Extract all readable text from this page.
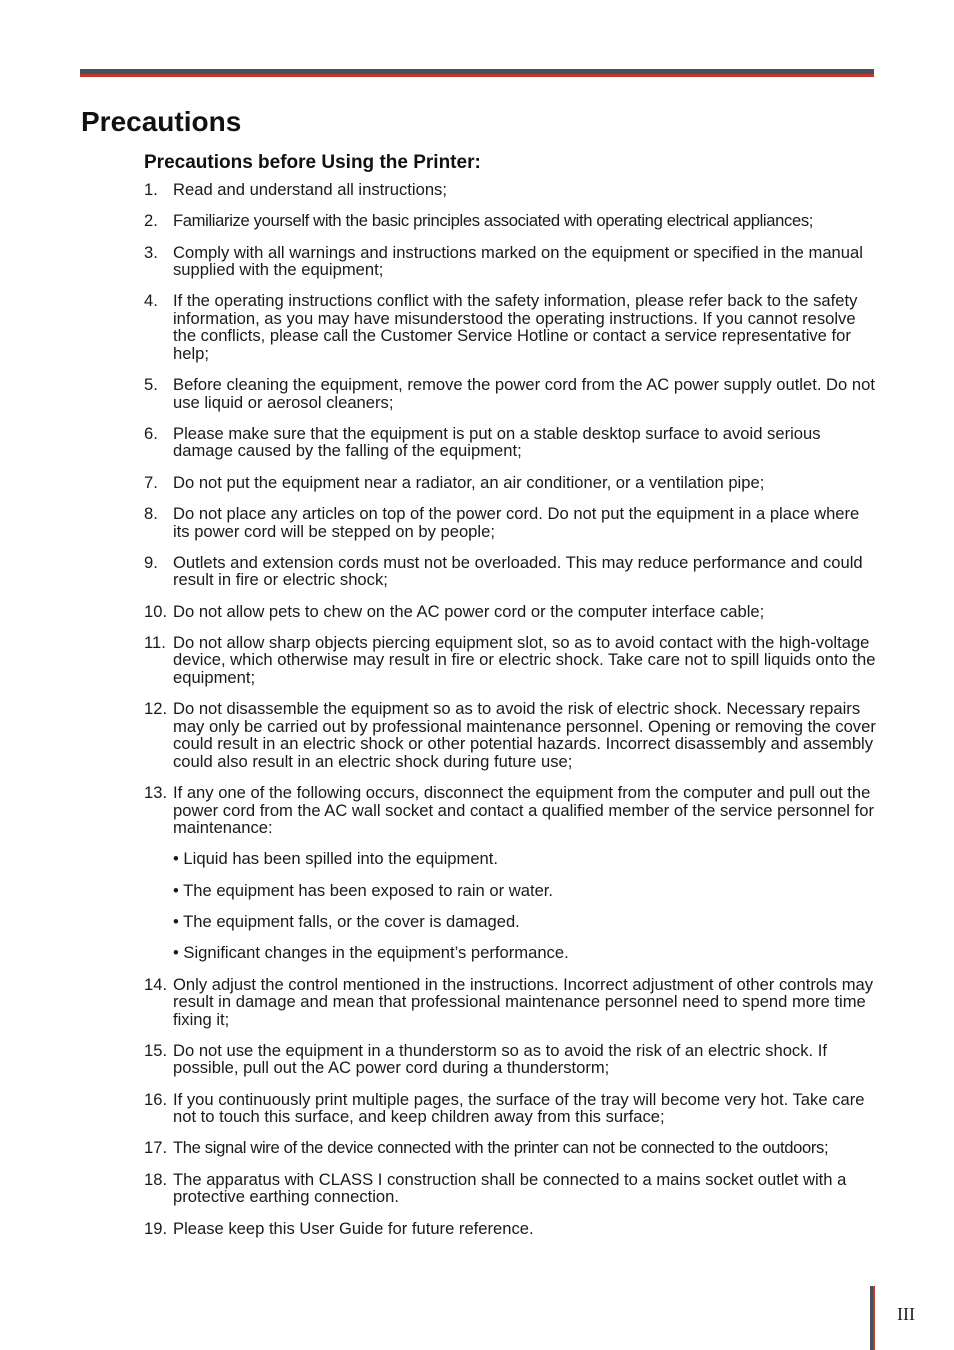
Precautions
Precautions before Using the Printer:
1. Read and understand all instructions;
2. Familiarize yourself with the basic principles associated with operating electrical appliances;
3. Comply with all warnings and instructions marked on the equipment or specified in the manual supplied with the equipment;
4. If the operating instructions conflict with the safety information, please refer back to the safety information, as you may have misunderstood the operating instructions. If you cannot resolve the conflicts, please call the Customer Service Hotline or contact a service representative for help;
5. Before cleaning the equipment, remove the power cord from the AC power supply outlet. Do not use liquid or aerosol cleaners;
6. Please make sure that the equipment is put on a stable desktop surface to avoid serious damage caused by the falling of the equipment;
7. Do not put the equipment near a radiator, an air conditioner, or a ventilation pipe;
8. Do not place any articles on top of the power cord. Do not put the equipment in a place where its power cord will be stepped on by people;
9. Outlets and extension cords must not be overloaded. This may reduce performance and could result in fire or electric shock;
10. Do not allow pets to chew on the AC power cord or the computer interface cable;
11. Do not allow sharp objects piercing equipment slot, so as to avoid contact with the high-voltage device, which otherwise may result in fire or electric shock. Take care not to spill liquids onto the equipment;
12. Do not disassemble the equipment so as to avoid the risk of electric shock. Necessary repairs may only be carried out by professional maintenance personnel. Opening or removing the cover could result in an electric shock or other potential hazards. Incorrect disassembly and assembly could also result in an electric shock during future use;
13. If any one of the following occurs, disconnect the equipment from the computer and pull out the power cord from the AC wall socket and contact a qualified member of the service personnel for maintenance:
• Liquid has been spilled into the equipment.
• The equipment has been exposed to rain or water.
• The equipment falls, or the cover is damaged.
• Significant changes in the equipment’s performance.
14. Only adjust the control mentioned in the instructions. Incorrect adjustment of other controls may result in damage and mean that professional maintenance personnel need to spend more time fixing it;
15. Do not use the equipment in a thunderstorm so as to avoid the risk of an electric shock. If possible, pull out the AC power cord during a thunderstorm;
16. If you continuously print multiple pages, the surface of the tray will become very hot. Take care not to touch this surface, and keep children away from this surface;
17. The signal wire of the device connected with the printer can not be connected to the outdoors;
18. The apparatus with CLASS I construction shall be connected to a mains socket outlet with a protective earthing connection.
19. Please keep this User Guide for future reference.
III
